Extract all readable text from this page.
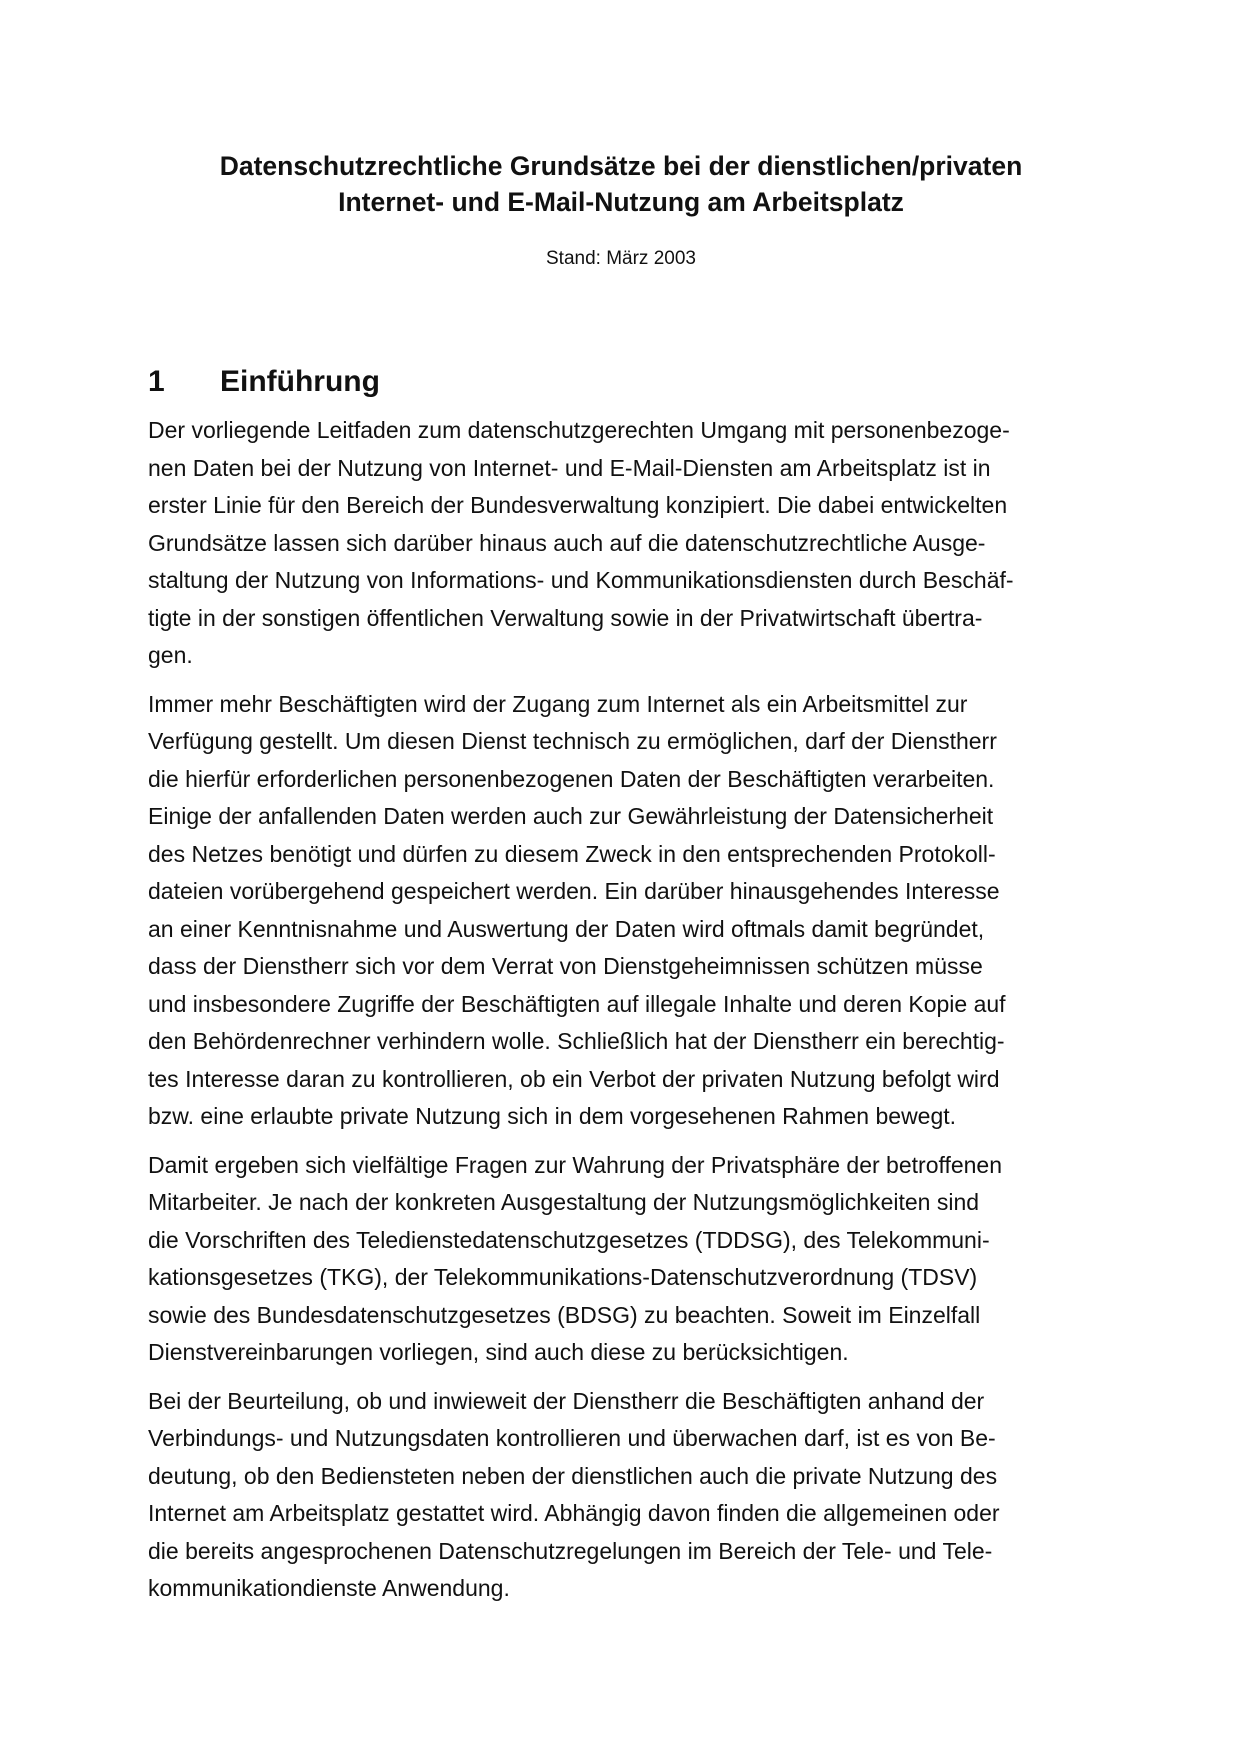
Datenschutzrechtliche Grundsätze bei der dienstlichen/privaten
Internet- und E-Mail-Nutzung am Arbeitsplatz
Stand: März 2003
1 Einführung

Der vorliegende Leitfaden zum datenschutzgerechten Umgang mit personenbezoge-
nen Daten bei der Nutzung von Internet- und E-Mail-Diensten am Arbeitsplatz ist in
erster Linie für den Bereich der Bundesverwaltung konzipiert. Die dabei entwickelten
Grundsätze lassen sich darüber hinaus auch auf die datenschutzrechtliche Ausge-
staltung der Nutzung von Informations- und Kommunikationsdiensten durch Beschäf-
tigte in der sonstigen öffentlichen Verwaltung sowie in der Privatwirtschaft übertra-
gen.

Immer mehr Beschäftigten wird der Zugang zum Internet als ein Arbeitsmittel zur
Verfügung gestellt. Um diesen Dienst technisch zu ermöglichen, darf der Dienstherr
die hierfür erforderlichen personenbezogenen Daten der Beschäftigten verarbeiten.
Einige der anfallenden Daten werden auch zur Gewährleistung der Datensicherheit
des Netzes benötigt und dürfen zu diesem Zweck in den entsprechenden Protokoll-
dateien vorübergehend gespeichert werden. Ein darüber hinausgehendes Interesse
an einer Kenntnisnahme und Auswertung der Daten wird oftmals damit begründet,
dass der Dienstherr sich vor dem Verrat von Dienstgeheimnissen schützen müsse
und insbesondere Zugriffe der Beschäftigten auf illegale Inhalte und deren Kopie auf
den Behördenrechner verhindern wolle. Schließlich hat der Dienstherr ein berechtig-
tes Interesse daran zu kontrollieren, ob ein Verbot der privaten Nutzung befolgt wird
bzw. eine erlaubte private Nutzung sich in dem vorgesehenen Rahmen bewegt.

Damit ergeben sich vielfältige Fragen zur Wahrung der Privatsphäre der betroffenen
Mitarbeiter. Je nach der konkreten Ausgestaltung der Nutzungsmöglichkeiten sind
die Vorschriften des Teledienstedatenschutzgesetzes (TDDSG), des Telekommuni-
kationsgesetzes (TKG), der Telekommunikations-Datenschutzverordnung (TDSV)
sowie des Bundesdatenschutzgesetzes (BDSG) zu beachten. Soweit im Einzelfall
Dienstvereinbarungen vorliegen, sind auch diese zu berücksichtigen.

Bei der Beurteilung, ob und inwieweit der Dienstherr die Beschäftigten anhand der
Verbindungs- und Nutzungsdaten kontrollieren und überwachen darf, ist es von Be-
deutung, ob den Bediensteten neben der dienstlichen auch die private Nutzung des
Internet am Arbeitsplatz gestattet wird. Abhängig davon finden die allgemeinen oder
die bereits angesprochenen Datenschutzregelungen im Bereich der Tele- und Tele-
kommunikationdienste Anwendung.
